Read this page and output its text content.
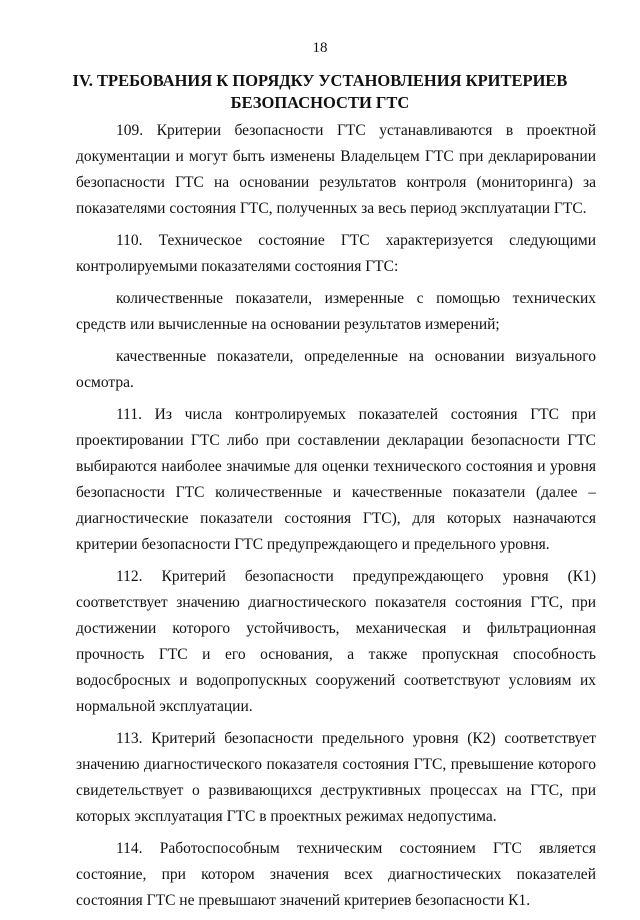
18
IV. ТРЕБОВАНИЯ К ПОРЯДКУ УСТАНОВЛЕНИЯ КРИТЕРИЕВ БЕЗОПАСНОСТИ ГТС

109. Критерии безопасности ГТС устанавливаются в проектной документации и могут быть изменены Владельцем ГТС при декларировании безопасности ГТС на основании результатов контроля (мониторинга) за показателями состояния ГТС, полученных за весь период эксплуатации ГТС.

110. Техническое состояние ГТС характеризуется следующими контролируемыми показателями состояния ГТС:

количественные показатели, измеренные с помощью технических средств или вычисленные на основании результатов измерений;

качественные показатели, определенные на основании визуального осмотра.

111. Из числа контролируемых показателей состояния ГТС при проектировании ГТС либо при составлении декларации безопасности ГТС выбираются наиболее значимые для оценки технического состояния и уровня безопасности ГТС количественные и качественные показатели (далее – диагностические показатели состояния ГТС), для которых назначаются критерии безопасности ГТС предупреждающего и предельного уровня.

112. Критерий безопасности предупреждающего уровня (К1) соответствует значению диагностического показателя состояния ГТС, при достижении которого устойчивость, механическая и фильтрационная прочность ГТС и его основания, а также пропускная способность водосбросных и водопропускных сооружений соответствуют условиям их нормальной эксплуатации.

113. Критерий безопасности предельного уровня (К2) соответствует значению диагностического показателя состояния ГТС, превышение которого свидетельствует о развивающихся деструктивных процессах на ГТС, при которых эксплуатация ГТС в проектных режимах недопустима.

114. Работоспособным техническим состоянием ГТС является состояние, при котором значения всех диагностических показателей состояния ГТС не превышают значений критериев безопасности К1.
